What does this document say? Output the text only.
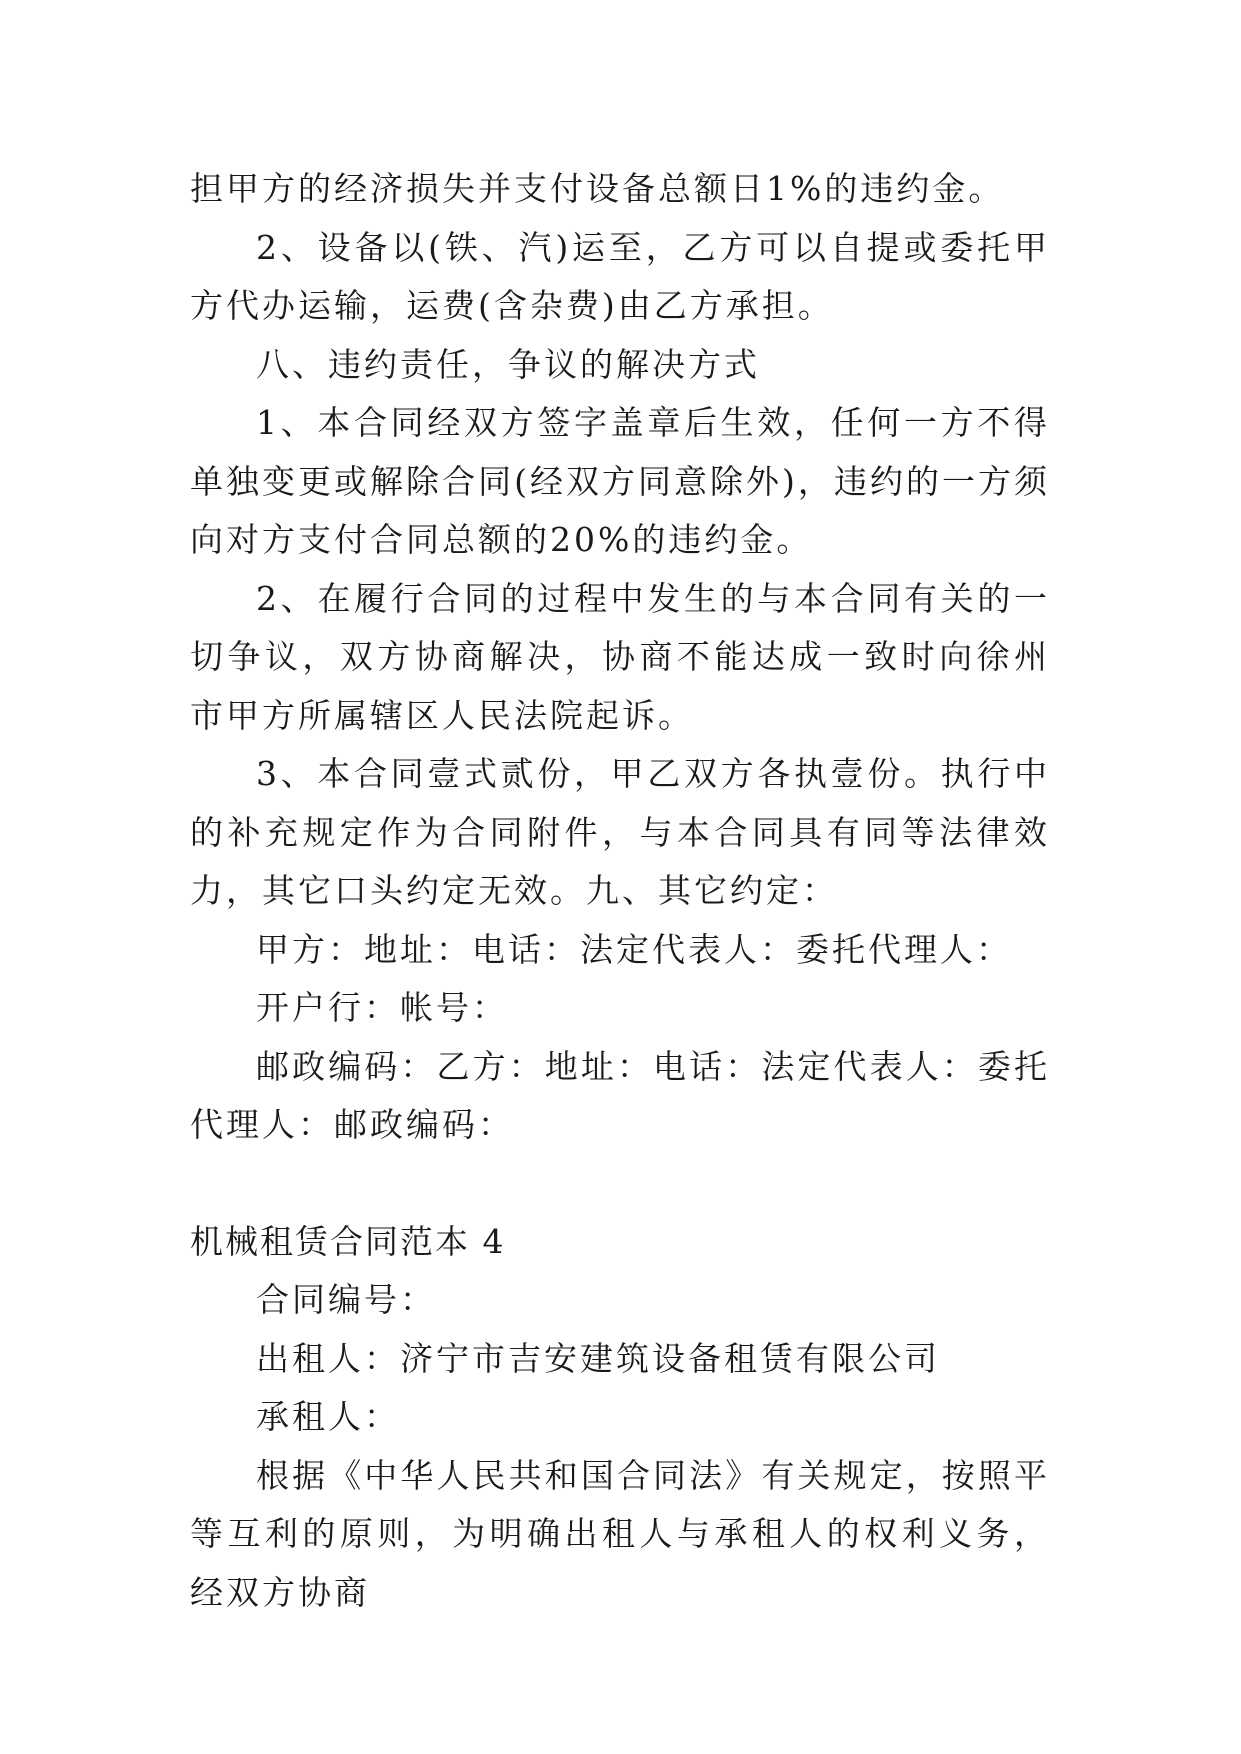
担甲方的经济损失并支付设备总额日1%的违约金。

2、设备以(铁、汽)运至，乙方可以自提或委托甲方代办运输，运费(含杂费)由乙方承担。

八、违约责任，争议的解决方式

1、本合同经双方签字盖章后生效，任何一方不得单独变更或解除合同(经双方同意除外)，违约的一方须向对方支付合同总额的20%的违约金。

2、在履行合同的过程中发生的与本合同有关的一切争议，双方协商解决，协商不能达成一致时向徐州市甲方所属辖区人民法院起诉。

3、本合同壹式贰份，甲乙双方各执壹份。执行中的补充规定作为合同附件，与本合同具有同等法律效力，其它口头约定无效。九、其它约定：

甲方：地址：电话：法定代表人：委托代理人：

开户行：帐号：

邮政编码：乙方：地址：电话：法定代表人：委托代理人：邮政编码：

机械租赁合同范本 4

合同编号：

出租人：济宁市吉安建筑设备租赁有限公司

承租人：

根据《中华人民共和国合同法》有关规定，按照平等互利的原则，为明确出租人与承租人的权利义务，经双方协商
